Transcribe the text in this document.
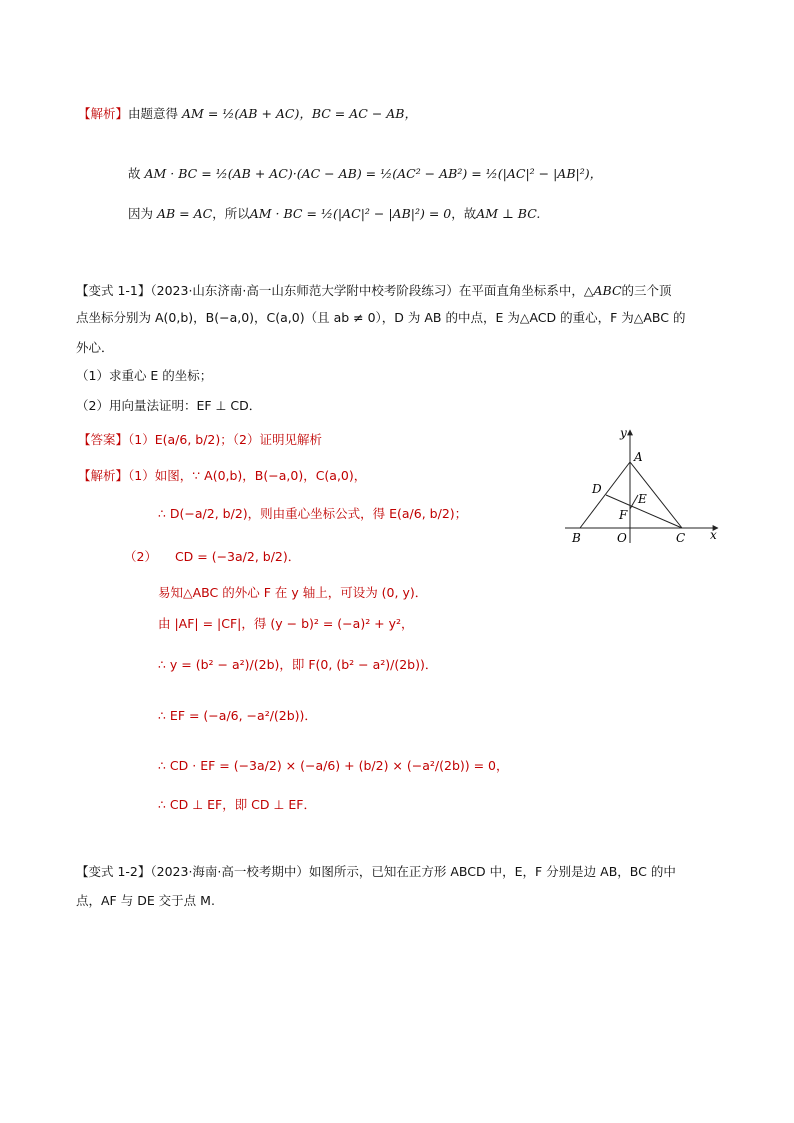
【解析】由题意得 AM = ½(AB + AC)，BC = AC − AB，
故 AM · BC = ½(AB + AC)·(AC − AB) = ½(AC² − AB²) = ½(|AC|² − |AB|²)，
因为 AB = AC，所以AM · BC = ½(|AC|² − |AB|²) = 0，故AM ⊥ BC.
【变式 1-1】（2023·山东济南·高一山东师范大学附中校考阶段练习）在平面直角坐标系中，△ABC的三个顶
点坐标分别为 A(0,b)，B(−a,0)，C(a,0)（且 ab ≠ 0），D 为 AB 的中点，E 为△ACD 的重心，F 为△ABC 的
外心．
（1）求重心 E 的坐标；
（2）用向量法证明：EF ⊥ CD．
【答案】（1）E(a/6, b/2)；（2）证明见解析
【解析】（1）如图，∵ A(0,b)，B(−a,0)，C(a,0)，
∴ D(−a/2, b/2)，则由重心坐标公式，得 E(a/6, b/2)；
（2） CD = (−3a/2, b/2)．
易知△ABC 的外心 F 在 y 轴上，可设为 (0, y)．
由 |AF| = |CF|，得 (y − b)² = (−a)² + y²，
∴ y = (b² − a²)/(2b)，即 F(0, (b² − a²)/(2b))．
∴ EF = (−a/6, −a²/(2b))．
∴ CD · EF = (−3a/2) × (−a/6) + (b/2) × (−a²/(2b)) = 0，
∴ CD ⊥ EF，即 CD ⊥ EF．
【变式 1-2】（2023·海南·高一校考期中）如图所示，已知在正方形 ABCD 中，E，F 分别是边 AB，BC 的中
点，AF 与 DE 交于点 M.
y
A
D
E
F
B	O	C x
